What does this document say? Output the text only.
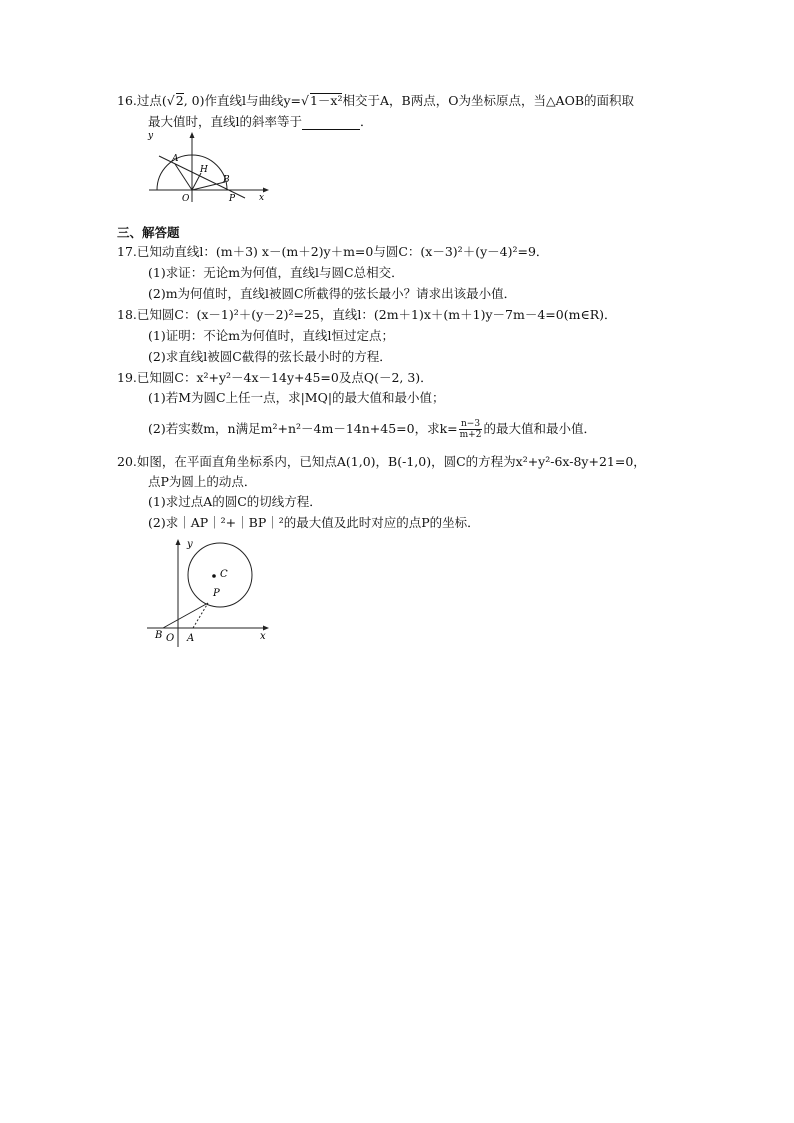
16.过点(√2, 0)作直线l与曲线y=√1－x²相交于A，B两点，O为坐标原点，当△AOB的面积取
最大值时，直线l的斜率等于	．
y
x
A
H
B
O	P
三、解答题
17.已知动直线l：(m＋3) x－(m＋2)y＋m=0与圆C：(x－3)²＋(y－4)²=9．
(1)求证：无论m为何值，直线l与圆C总相交．
(2)m为何值时，直线l被圆C所截得的弦长最小？请求出该最小值．
18.已知圆C：(x－1)²＋(y－2)²=25，直线l：(2m＋1)x＋(m＋1)y－7m－4=0(m∈R)．
(1)证明：不论m为何值时，直线l恒过定点；
(2)求直线l被圆C截得的弦长最小时的方程．
19.已知圆C：x²+y²－4x－14y+45=0及点Q(－2, 3)．
(1)若M为圆C上任一点，求|MQ|的最大值和最小值；
(2)若实数m，n满足m²+n²－4m－14n+45=0，求$k= \frac{n-3}{m+2}$ 的最大值和最小值．
20.如图，在平面直角坐标系内，已知点A(1,0)，B(-1,0)，圆C的方程为x²+y²-6x-8y+21=0，
点P为圆上的动点．
(1)求过点A的圆C的切线方程．
(2)求｜AP｜²+｜BP｜²的最大值及此时对应的点P的坐标．
y
x
C
P
B O A
